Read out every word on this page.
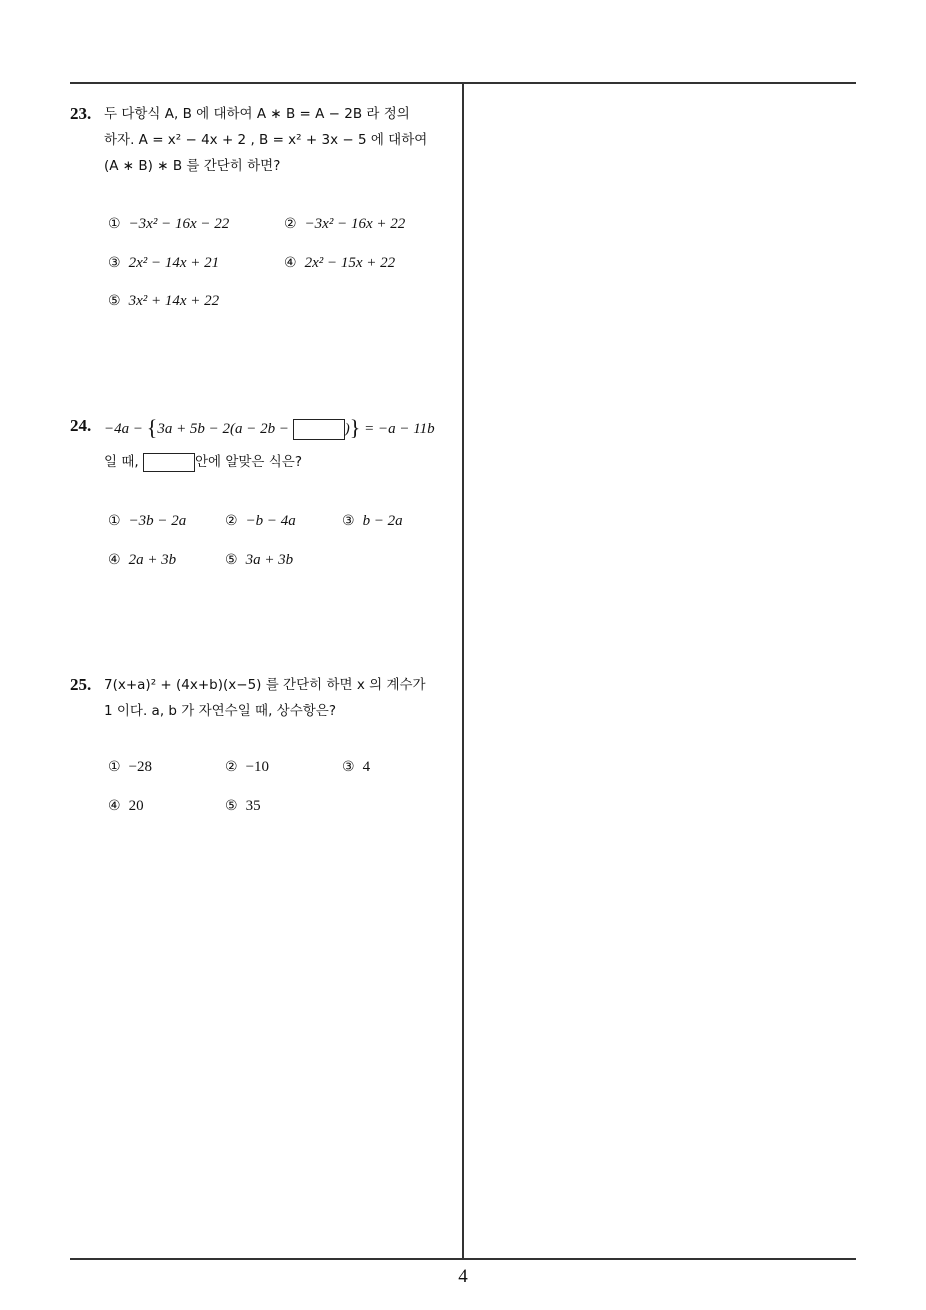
23. 두 다항식 A, B 에 대하여 A ∗ B = A − 2B 라 정의
하자. A = x² − 4x + 2 , B = x² + 3x − 5 에 대하여
(A ∗ B) ∗ B 를 간단히 하면?
① −3x² − 16x − 22	② −3x² − 16x + 22
③ 2x² − 14x + 21	④ 2x² − 15x + 22
⑤ 3x² + 14x + 22
24. −4a − {3a + 5b − 2(a − 2b −	)} = −a − 11b
일 때,	안에 알맞은 식은?
① −3b − 2a	② −b − 4a	③ b − 2a
④ 2a + 3b	⑤ 3a + 3b
25. 7(x+a)² + (4x+b)(x−5) 를 간단히 하면 x 의 계수가
1 이다. a, b 가 자연수일 때, 상수항은?
① −28	② −10	③ 4
④ 20	⑤ 35
4
